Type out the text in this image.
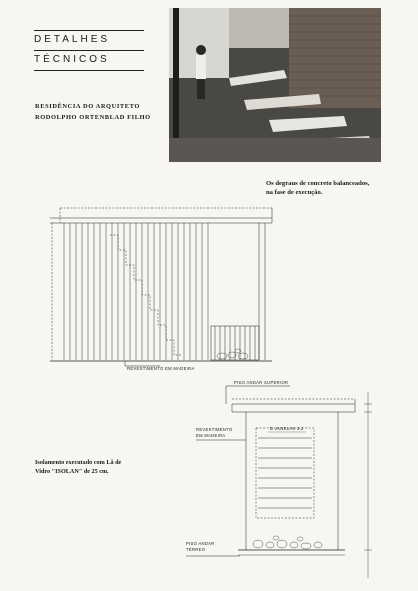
DETALHES
TÉCNICOS
RESIDÊNCIA DO ARQUITETO
RODOLPHO ORTENBLAD FILHO
Os degraus de concreto balanceados,
na fase de execução.
REVESTIMENTO EM MADEIRA
PISO ANDAR SUPERIOR
REVESTIMENTO
EM MADEIRA
D JANELAS 3.2
PISO ANDAR
TÉRREO
Isolamento executado com Lã de
Vidro "ISOLAN" de 25 cm.
